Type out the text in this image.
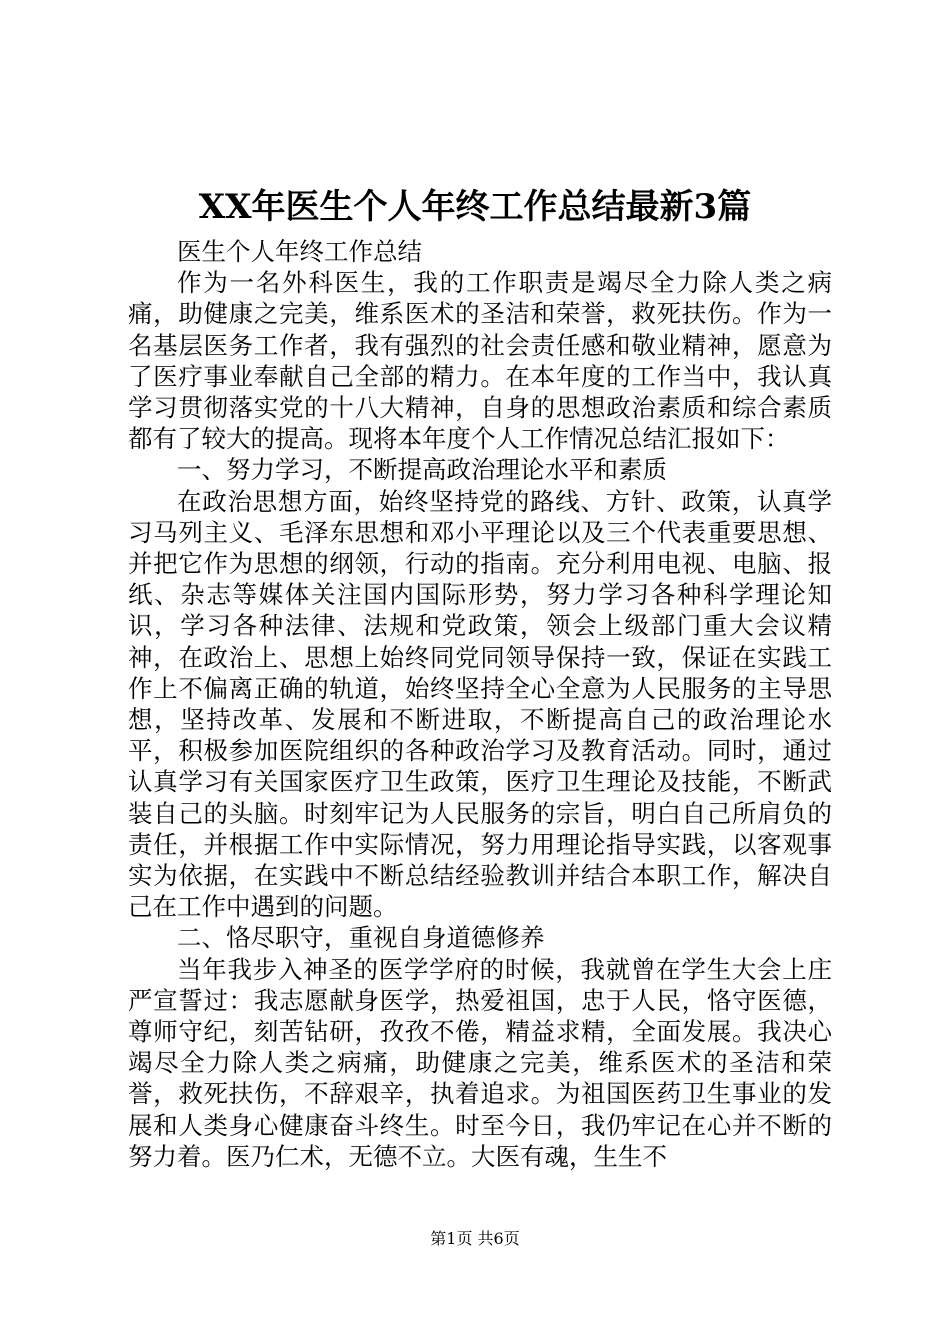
XX年医生个人年终工作总结最新3篇

医生个人年终工作总结

作为一名外科医生，我的工作职责是竭尽全力除人类之病痛，助健康之完美，维系医术的圣洁和荣誉，救死扶伤。作为一名基层医务工作者，我有强烈的社会责任感和敬业精神，愿意为了医疗事业奉献自己全部的精力。在本年度的工作当中，我认真学习贯彻落实党的十八大精神，自身的思想政治素质和综合素质都有了较大的提高。现将本年度个人工作情况总结汇报如下：

一、努力学习，不断提高政治理论水平和素质

在政治思想方面，始终坚持党的路线、方针、政策，认真学习马列主义、毛泽东思想和邓小平理论以及三个代表重要思想、并把它作为思想的纲领，行动的指南。充分利用电视、电脑、报纸、杂志等媒体关注国内国际形势，努力学习各种科学理论知识，学习各种法律、法规和党政策，领会上级部门重大会议精神，在政治上、思想上始终同党同领导保持一致，保证在实践工作上不偏离正确的轨道，始终坚持全心全意为人民服务的主导思想，坚持改革、发展和不断进取，不断提高自己的政治理论水平，积极参加医院组织的各种政治学习及教育活动。同时，通过认真学习有关国家医疗卫生政策，医疗卫生理论及技能，不断武装自己的头脑。时刻牢记为人民服务的宗旨，明白自己所肩负的责任，并根据工作中实际情况，努力用理论指导实践，以客观事实为依据，在实践中不断总结经验教训并结合本职工作，解决自己在工作中遇到的问题。

二、恪尽职守，重视自身道德修养

当年我步入神圣的医学学府的时候，我就曾在学生大会上庄严宣誓过：我志愿献身医学，热爱祖国，忠于人民，恪守医德，尊师守纪，刻苦钻研，孜孜不倦，精益求精，全面发展。我决心竭尽全力除人类之病痛，助健康之完美，维系医术的圣洁和荣誉，救死扶伤，不辞艰辛，执着追求。为祖国医药卫生事业的发展和人类身心健康奋斗终生。时至今日，我仍牢记在心并不断的努力着。医乃仁术，无德不立。大医有魂，生生不

第1页 共6页
